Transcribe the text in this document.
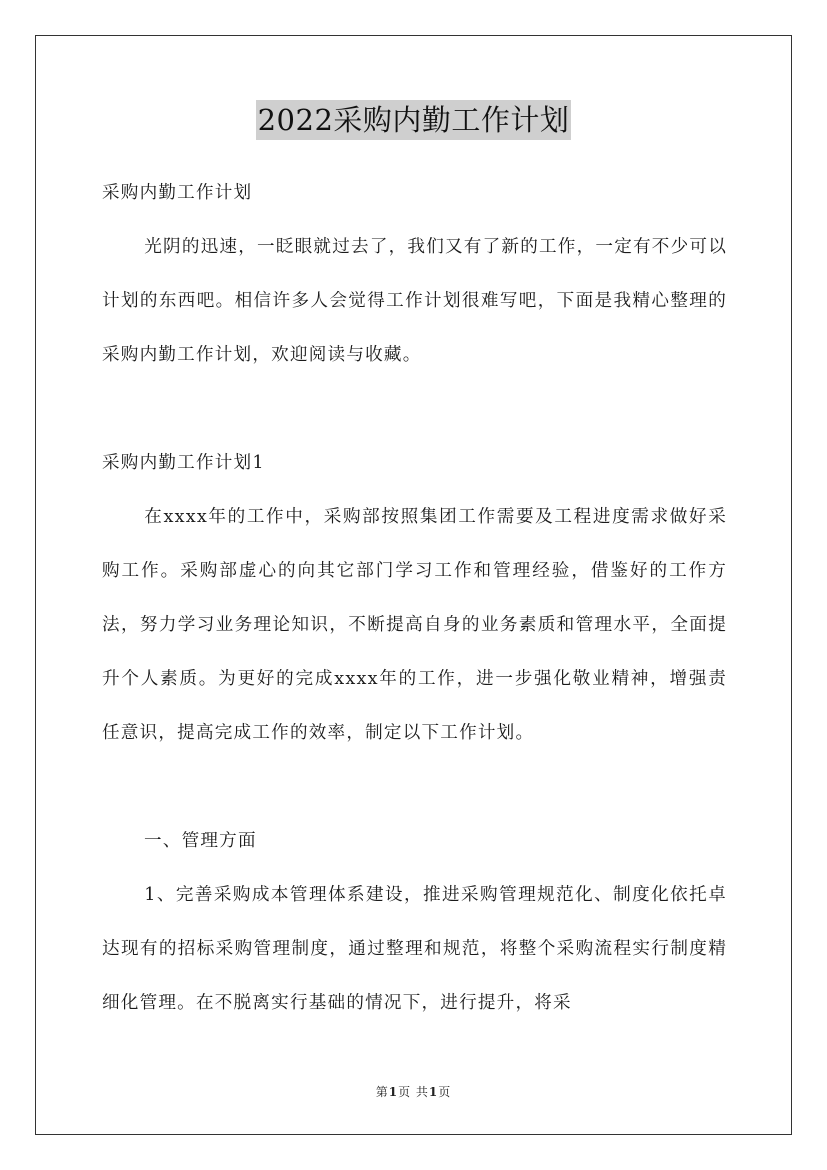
2022采购内勤工作计划

采购内勤工作计划

光阴的迅速，一眨眼就过去了，我们又有了新的工作，一定有不少可以计划的东西吧。相信许多人会觉得工作计划很难写吧，下面是我精心整理的采购内勤工作计划，欢迎阅读与收藏。

采购内勤工作计划1

在xxxx年的工作中，采购部按照集团工作需要及工程进度需求做好采购工作。采购部虚心的向其它部门学习工作和管理经验，借鉴好的工作方法，努力学习业务理论知识，不断提高自身的业务素质和管理水平，全面提升个人素质。为更好的完成xxxx年的工作，进一步强化敬业精神，增强责任意识，提高完成工作的效率，制定以下工作计划。

一、管理方面

1、完善采购成本管理体系建设，推进采购管理规范化、制度化依托卓达现有的招标采购管理制度，通过整理和规范，将整个采购流程实行制度精细化管理。在不脱离实行基础的情况下，进行提升，将采

第1页 共1页
